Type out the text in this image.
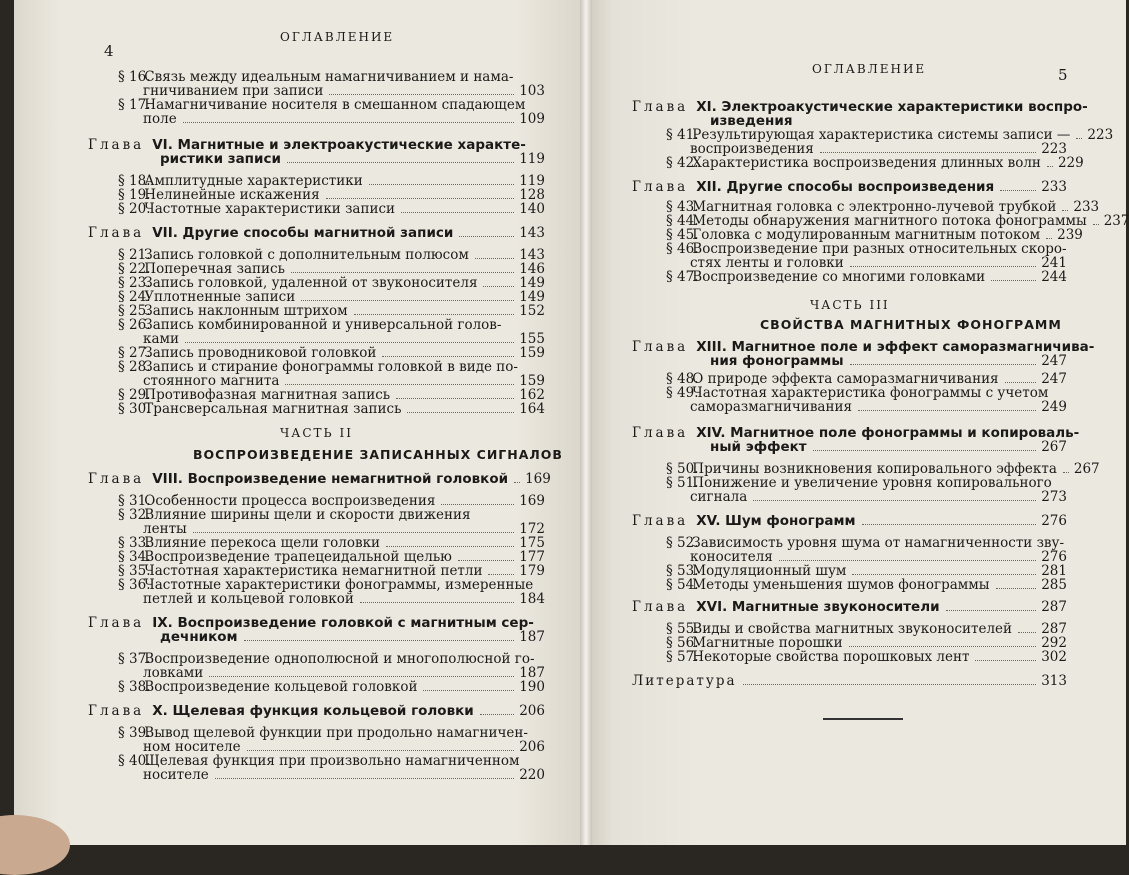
4
ОГЛАВЛЕНИЕ
5
ОГЛАВЛЕНИЕ
§ 16. Связь между идеальным намагничиванием и нама-
гничиванием при записи	103
§ 17. Намагничивание носителя в смешанном спадающем
поле	109
Глава VI. Магнитные и электроакустические характе-
ристики записи	119
§ 18. Амплитудные характеристики	119
§ 19. Нелинейные искажения	128
§ 20. Частотные характеристики записи	140
Глава VII. Другие способы магнитной записи	143
§ 21. Запись головкой с дополнительным полюсом	143
§ 22. Поперечная запись	146
§ 23. Запись головкой, удаленной от звуконосителя	149
§ 24. Уплотненные записи	149
§ 25. Запись наклонным штрихом	152
§ 26. Запись комбинированной и универсальной голов-
ками	155
§ 27. Запись проводниковой головкой	159
§ 28. Запись и стирание фонограммы головкой в виде по-
стоянного магнита	159
§ 29. Противофазная магнитная запись	162
§ 30. Трансверсальная магнитная запись	164
ЧАСТЬ II
ВОСПРОИЗВЕДЕНИЕ ЗАПИСАННЫХ СИГНАЛОВ
Глава VIII. Воспроизведение немагнитной головкой 169
§ 31. Особенности процесса воспроизведения	169
§ 32. Влияние ширины щели и скорости движения
ленты	172
§ 33. Влияние перекоса щели головки	175
§ 34. Воспроизведение трапецеидальной щелью	177
§ 35. Частотная характеристика немагнитной петли	179
§ 36. Частотные характеристики фонограммы, измеренные
петлей и кольцевой головкой	184
Глава IX. Воспроизведение головкой с магнитным сер-
дечником	187
§ 37. Воспроизведение однополюсной и многополюсной го-
ловками	187
§ 38. Воспроизведение кольцевой головкой	190
Глава X. Щелевая функция кольцевой головки	206
§ 39. Вывод щелевой функции при продольно намагничен-
ном носителе	206
§ 40. Щелевая функция при произвольно намагниченном
носителе	220
Глава XI. Электроакустические характеристики воспро-
изведения
§ 41. Результирующая характеристика системы записи — 223
воспроизведения	223
§ 42. Характеристика воспроизведения длинных волн 229
Глава XII. Другие способы воспроизведения	233
§ 43. Магнитная головка с электронно-лучевой трубкой 233
§ 44. Методы обнаружения магнитного потока фонограммы 237
§ 45. Головка с модулированным магнитным потоком 239
§ 46. Воспроизведение при разных относительных скоро-
стях ленты и головки	241
§ 47. Воспроизведение со многими головками	244
ЧАСТЬ III
СВОЙСТВА МАГНИТНЫХ ФОНОГРАММ
Глава XIII. Магнитное поле и эффект саморазмагничива-
ния фонограммы	247
§ 48. О природе эффекта саморазмагничивания	247
§ 49. Частотная характеристика фонограммы с учетом
саморазмагничивания	249
Глава XIV. Магнитное поле фонограммы и копироваль-
ный эффект	267
§ 50. Причины возникновения копировального эффекта 267
§ 51. Понижение и увеличение уровня копировального
сигнала	273
Глава XV. Шум фонограмм	276
§ 52. Зависимость уровня шума от намагниченности зву-
коносителя	276
§ 53. Модуляционный шум	281
§ 54. Методы уменьшения шумов фонограммы	285
Глава XVI. Магнитные звуконосители	287
§ 55. Виды и свойства магнитных звуконосителей 287
§ 56. Магнитные порошки	292
§ 57. Некоторые свойства порошковых лент	302
Литература	313
